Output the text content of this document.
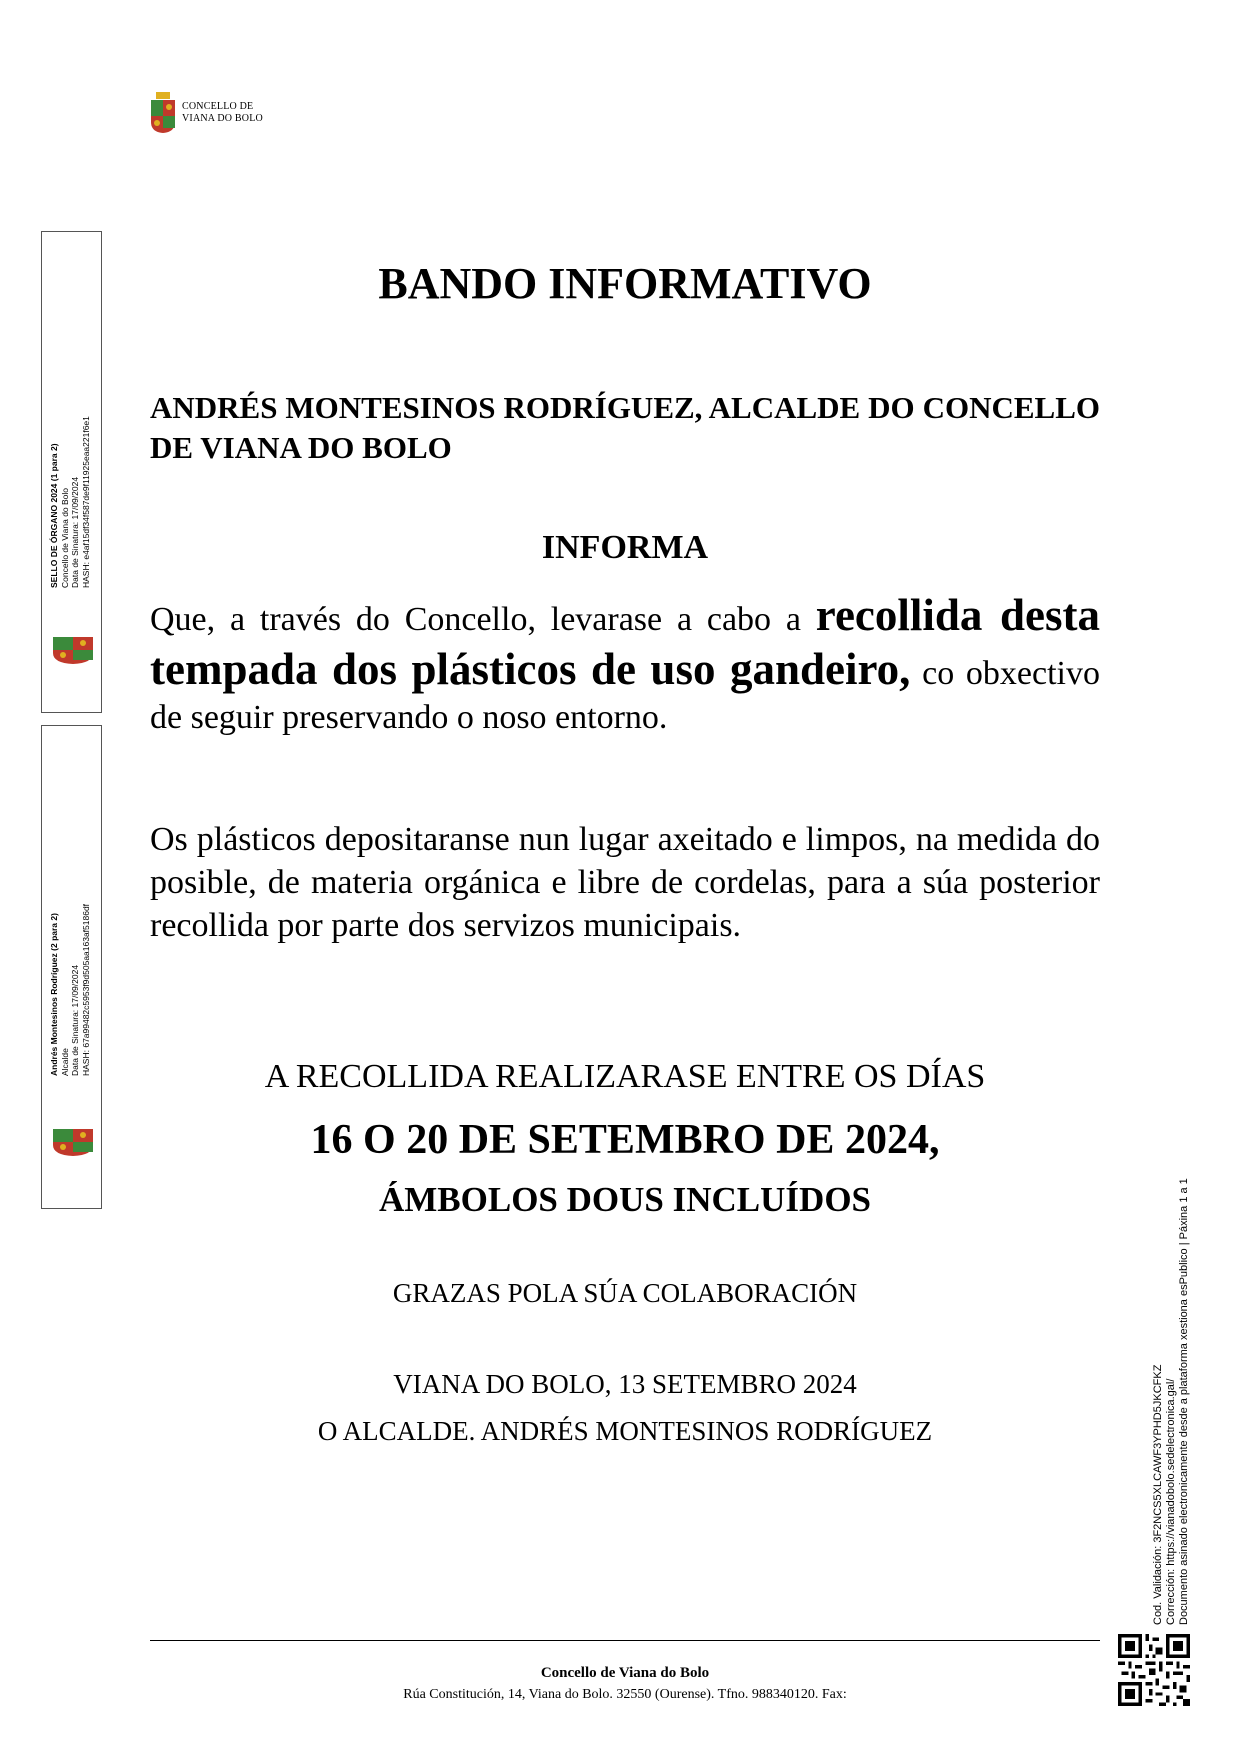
CONCELLO DE
VIANA DO BOLO
SELLO DE ÓRGANO 2024 (1 para 2) Concello de Viana do Bolo Data de Sinatura: 17/09/2024 HASH: e4af15df34f587de9f11925eaa221f6e1
Andrés Montesinos Rodríguez (2 para 2) Alcalde Data de Sinatura: 17/09/2024 HASH: 67a99482c5953f9d505aa163af5186df
Cod. Validación: 3F2NCS5XLCAWF3YPHD5JKCFKZ Corrección: https://vianadobolo.sedelectronica.gal/ Documento asinado electronicamente desde a plataforma xestiona esPublico | Páxina 1 a 1
BANDO INFORMATIVO
ANDRÉS MONTESINOS RODRÍGUEZ, ALCALDE DO CONCELLO DE VIANA DO BOLO
INFORMA
Que, a través do Concello, levarase a cabo a recollida desta tempada dos plásticos de uso gandeiro, co obxectivo de seguir preservando o noso entorno.
Os plásticos depositaranse nun lugar axeitado e limpos, na medida do posible, de materia orgánica e libre de cordelas, para a súa posterior recollida por parte dos servizos municipais.
A RECOLLIDA REALIZARASE ENTRE OS DÍAS
16 O 20 DE SETEMBRO DE 2024,
ÁMBOLOS DOUS INCLUÍDOS
GRAZAS POLA SÚA COLABORACIÓN
VIANA DO BOLO, 13 SETEMBRO 2024
O ALCALDE. ANDRÉS MONTESINOS RODRÍGUEZ
Concello de Viana do Bolo
Rúa Constitución, 14, Viana do Bolo. 32550 (Ourense). Tfno. 988340120. Fax:
